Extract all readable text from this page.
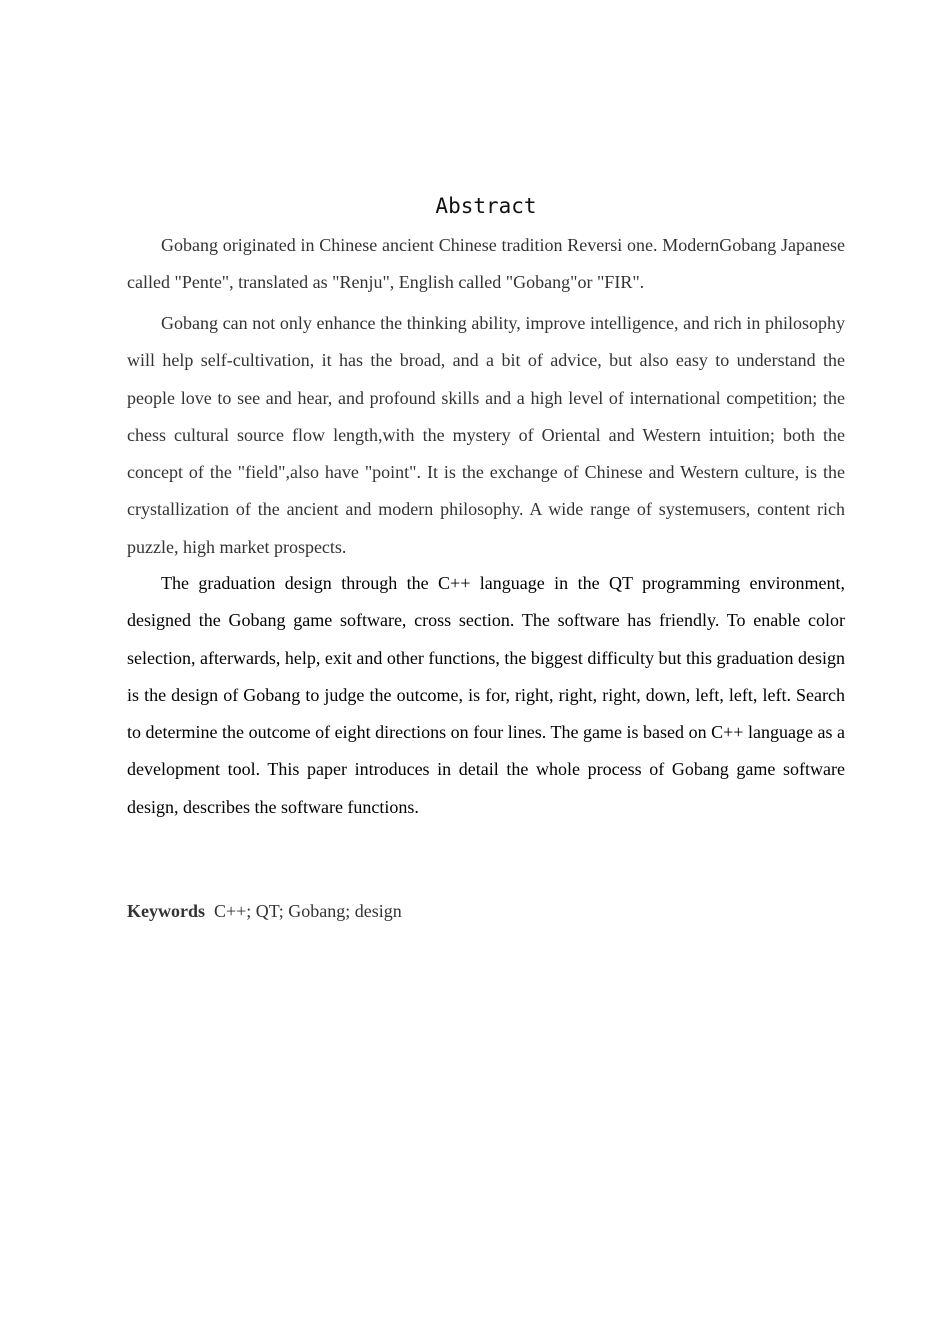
Abstract

Gobang originated in Chinese ancient Chinese tradition Reversi one. ModernGobang Japanese called "Pente", translated as "Renju", English called "Gobang"or "FIR".

Gobang can not only enhance the thinking ability, improve intelligence, and rich in philosophy will help self-cultivation, it has the broad, and a bit of advice, but also easy to understand the people love to see and hear, and profound skills and a high level of international competition; the chess cultural source flow length,with the mystery of Oriental and Western intuition; both the concept of the "field",also have "point". It is the exchange of Chinese and Western culture, is the crystallization of the ancient and modern philosophy. A wide range of systemusers, content rich puzzle, high market prospects.

The graduation design through the C++ language in the QT programming environment, designed the Gobang game software, cross section. The software has friendly. To enable color selection, afterwards, help, exit and other functions, the biggest difficulty but this graduation design is the design of Gobang to judge the outcome, is for, right, right, right, down, left, left, left. Search to determine the outcome of eight directions on four lines. The game is based on C++ language as a development tool. This paper introduces in detail the whole process of Gobang game software design, describes the software functions.

Keywords C++; QT; Gobang; design
